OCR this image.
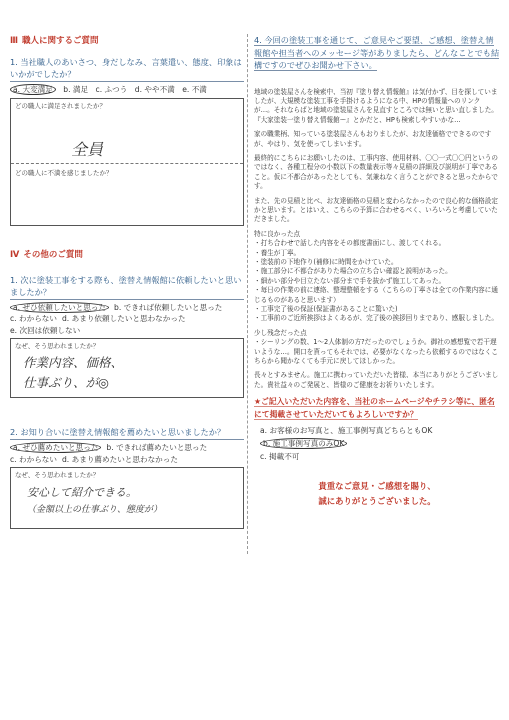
Ⅲ 職人に関するご質問
1. 当社職人のあいさつ、身だしなみ、言葉遣い、態度、印象はいかがでしたか？
a. 大変満足 b. 満足 c. ふつう d. やや不満 e. 不満
どの職人に満足されましたか？
全員
どの職人に不満を感じましたか？
Ⅳ その他のご質問
1. 次に塗装工事をする際も、塗替え情報館に依頼したいと思いましたか？
a. ぜひ依頼したいと思った b. できれば依頼したいと思った
c. わからない d. あまり依頼したいと思わなかった
e. 次回は依頼しない
なぜ、そう思われましたか？
作業内容、価格、
仕事ぶり、が◎
2. お知り合いに塗替え情報館を薦めたいと思いましたか？
a. ぜひ薦めたいと思った b. できれば薦めたいと思った
c. わからない d. あまり薦めたいと思わなかった
なぜ、そう思われましたか？
安心して紹介できる。
（金額以上の仕事ぶり、態度が）
4. 今回の塗装工事を通じて、ご意見やご要望、ご感想、塗替え情報館や担当者へのメッセージ等がありましたら、どんなことでも結構ですのでぜひお聞かせ下さい。

地域の塗装屋さんを検索中、当初『塗り替え情報館』は気付かず、目を探していましたが、大規模な塗装工事を手掛けるようになる中、HPの情報量へのリンクが…。それならばと地域の塗装屋さんを見直すところでは無いと思い直しました。『大家塗装一塗り替え情報館ー』とかだと、HPも検索しやすいかな…

家の職業柄、知っている塗装屋さんもおりましたが、お友達価格でできるのですが、やはり、気を使ってしまいます。

最終的にこちらにお願いしたのは、工事内容、使用材料、〇〇一式〇〇円というのではなく、各種工程分の小数以下の数量表示等々見積の詳細及び説明が丁寧であること。仮に不都合があったとしても、気兼ねなく言うことができると思ったからです。

また、先の見積と比べ、お友達価格の見積と変わらなかったので良心的な価格設定かと思います。とはいえ、こちらの予算に合わせるべく、いろいろと考慮していただきました。

特に良かった点
・ 打ち合わせで話した内容をその都度書面にし、渡してくれる。
・ 養生が丁寧。
・ 塗装前の下地作り(補修)に時間をかけていた。
・ 施工部分に不都合がありた場合の立ち合い確認と説明があった。
・ 細かい部分や目立たない部分まで手を抜かず施工してあった。
・ 毎日の作業の前に連絡、整理整頓をする（こちらの丁寧さは全ての作業内容に通じるものがあると思います）
・ 工事完了後の保証(保証書があることに驚いた)
・ 工事前のご近所挨拶はよくあるが、完了後の挨拶回りまであり、感服しました。
少し残念だった点
・ シーリングの数、1〜2人体制の方?だったのでしょうか。御社の感想覧で若干遅いような…。開口を貰ってもそれでは、必要がなくなったら依頼するのではなくこちらから聞かなくても手元に戻してほしかった。

長々とすみません。施工に携わっていただいた皆様、本当にありがとうございました。貴社益々のご発展と、皆様のご健康をお祈りいたします。

★ご記入いただいた内容を、当社のホームページやチラシ等に、匿名にて掲載させていただいてもよろしいですか？
a. お客様のお写真と、施工事例写真どちらともOK
b. 施工事例写真のみOK
c. 掲載不可
貴重なご意見・ご感想を賜り、
誠にありがとうございました。
